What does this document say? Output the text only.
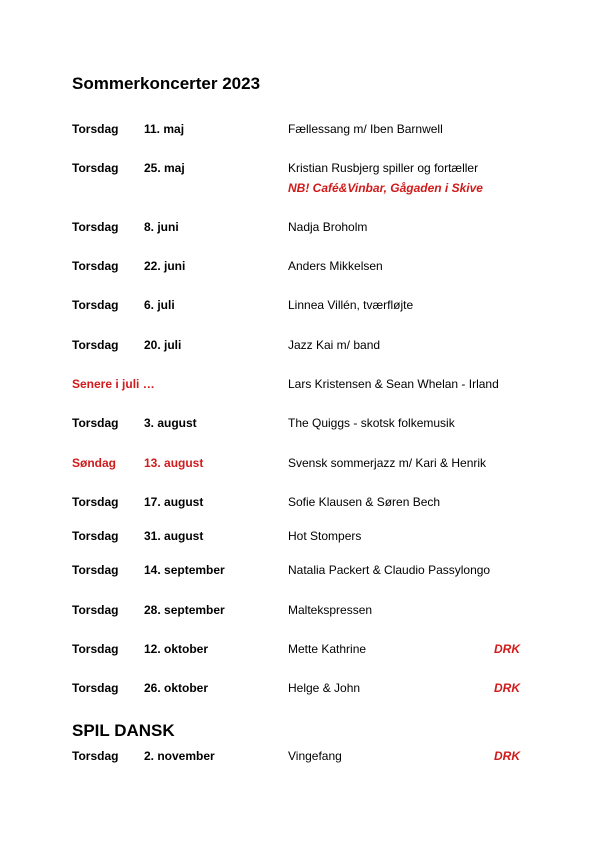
Sommerkoncerter 2023
Torsdag 11. maj	Fællessang m/ Iben Barnwell
Torsdag 25. maj	Kristian Rusbjerg spiller og fortæller
NB! Café&Vinbar, Gågaden i Skive
Torsdag 8. juni	Nadja Broholm
Torsdag 22. juni	Anders Mikkelsen
Torsdag 6. juli	Linnea Villén, tværfløjte
Torsdag 20. juli	Jazz Kai m/ band
Senere i juli …	Lars Kristensen & Sean Whelan - Irland
Torsdag 3. august	The Quiggs - skotsk folkemusik
Søndag 13. august	Svensk sommerjazz m/ Kari & Henrik
Torsdag 17. august	Sofie Klausen & Søren Bech
Torsdag 31. august	Hot Stompers
Torsdag 14. september	Natalia Packert & Claudio Passylongo
Torsdag 28. september	Maltekspressen
Torsdag 12. oktober	Mette Kathrine	DRK
Torsdag 26. oktober	Helge & John	DRK
SPIL DANSK
Torsdag 2. november	Vingefang	DRK
